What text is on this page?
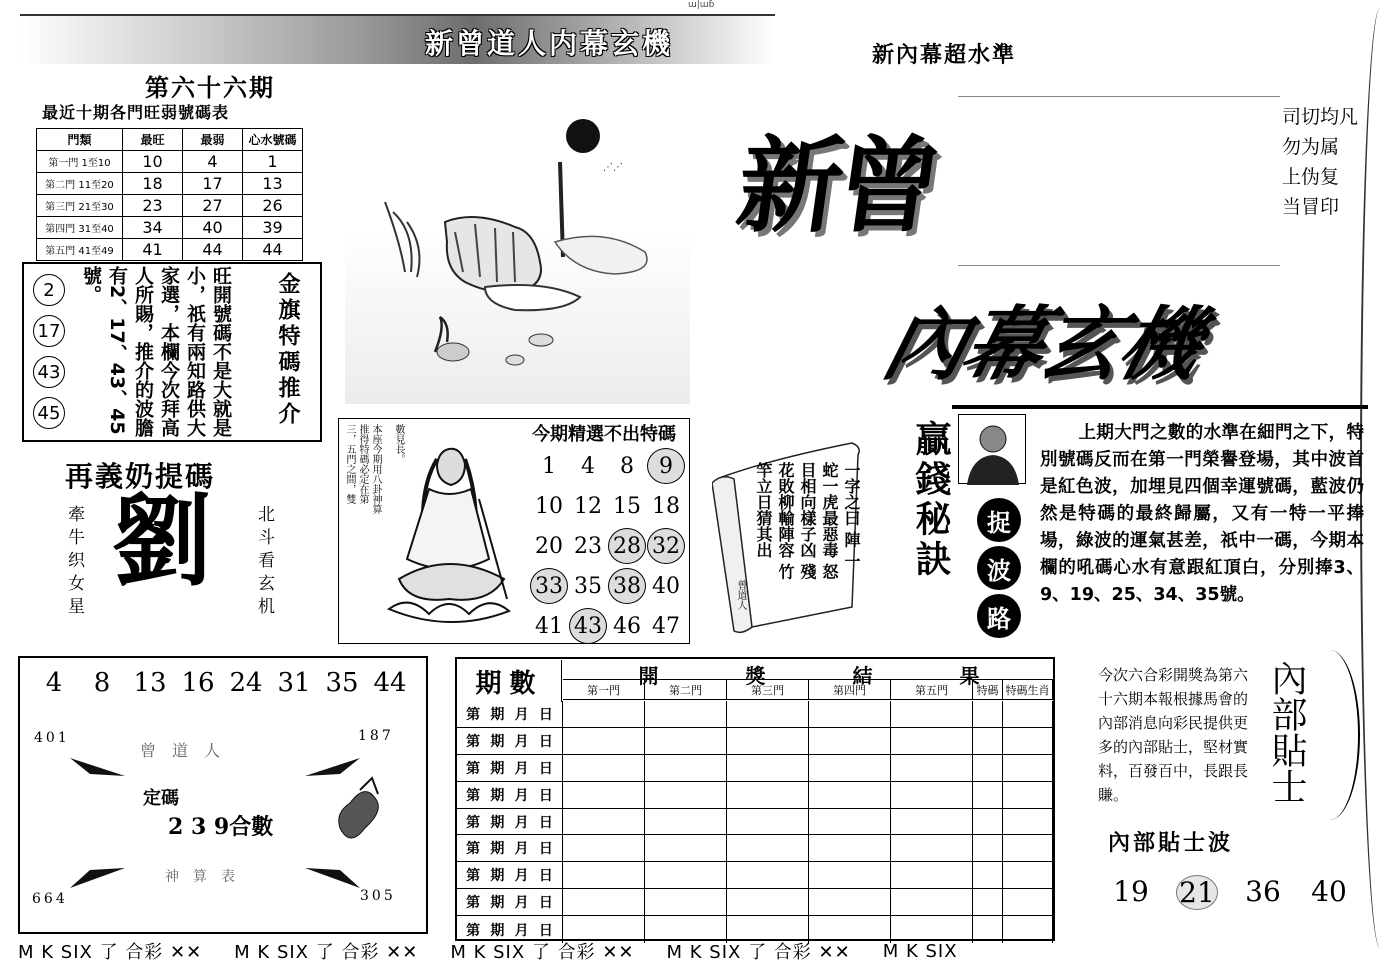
ɯ|ɯɓ
新曾道人内幕玄機	新內幕超水準
第六十六期
最近十期各門旺弱號碼表
門類	最旺	最弱	心水號碼
第一門 1至10	10	4	1
第二門 11至20	18	17	13
第三門 21至30	23	27	26
第四門 31至40	34	40	39
第五門 41至49	41	44	44
2
17
43
45	旺開號碼不是大就是小，祇有兩知路供大家選，本欄今次拜高人所賜，推介的波膽有2、17、43、45號。	金旗特碼推介
再義奶提碼
牽牛织女星 劉 北斗看玄机
⋰⋰ 新曾
司切均凡
勿为属
上伪复
当冒印
內幕玄機
本座今期用八卦神算推得特碼必定在第三，五門之間，雙	數見長。	今期精選不出特碼
1	4	8	9
10 12 15 18
20 23 28 32
33 35 38 40
41 43 46 47
一字之曰 陣 一蛇一虎最惡毒 怒目相向樣子凶 殘花敗柳輸陣容 竹竿立日猜其出
曾道人
贏錢秘訣	捉
波
路
上期大門之數的水準在細門之下，特別號碼反而在第一門榮譽登場，其中波首是紅色波，加埋見四個幸運號碼，藍波仍然是特碼的最終歸屬，又有一特一平捧場，綠波的運氣甚差，祇中一碼，今期本欄的吼碼心水有意跟紅頂白，分別捧3、9、19、25、34、35號。
4	8 13 16 24 31 35 44
401	187
664	305
曾道人
神算表
定碼
2 3 9合數
期數	開	獎	結	果
第一門	第二門	第三門	第四門	第五門	特碼 特碼生肖
第 期 月 日
第 期 月 日
第 期 月 日
第 期 月 日
第 期 月 日
第 期 月 日
第 期 月 日
第 期 月 日
第 期 月 日
今次六合彩開獎為第六十六期本報根據馬會的內部消息向彩民提供更多的內部貼士，堅材實料，百發百中，長跟長賺。	內部貼士
內部貼士波
19	21	36	40
M K SIX 了 合彩 ✕✕ M K SIX 了 合彩 ✕✕ M K SIX 了 合彩 ✕✕ M K SIX 了 合彩 ✕✕ M K SIX
